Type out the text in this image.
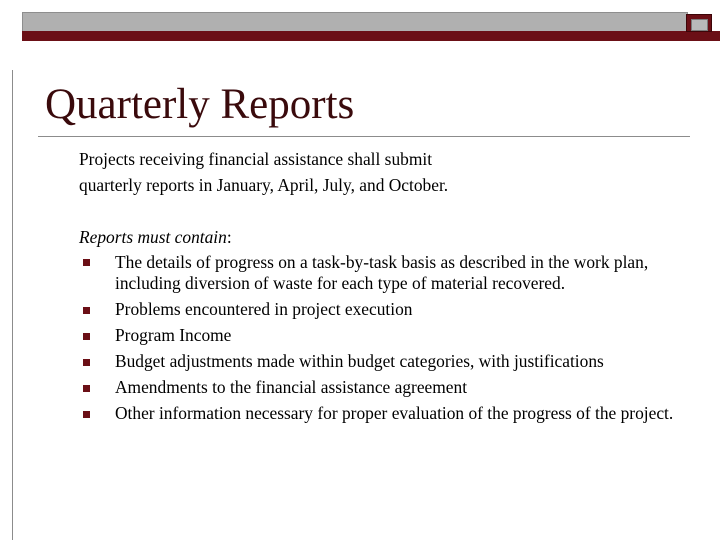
Quarterly Reports

Projects receiving financial assistance shall submit

quarterly reports in January, April, July, and October.

Reports must contain:

The details of progress on a task-by-task basis as described in the work plan, including diversion of waste for each type of material recovered.
Problems encountered in project execution
Program Income
Budget adjustments made within budget categories, with justifications
Amendments to the financial assistance agreement
Other information necessary for proper evaluation of the progress of the project.
